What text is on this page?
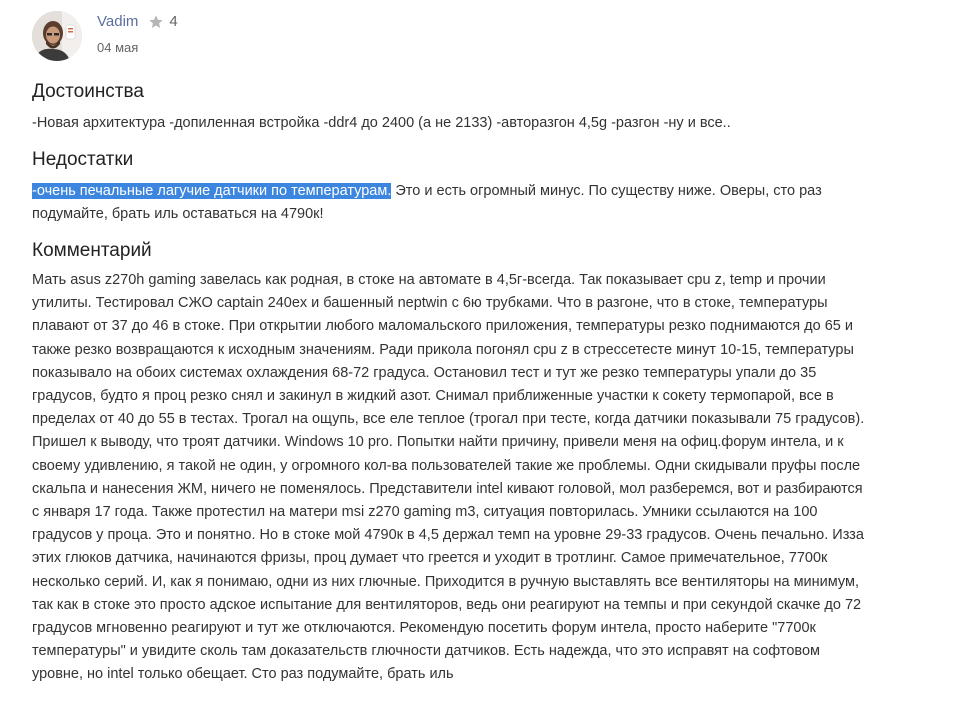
Vadim 4
04 мая
Достоинства

-Новая архитектура -допиленная встройка -ddr4 до 2400 (а не 2133) -авторазгон 4,5g -разгон -ну и все..

Недостатки

-очень печальные лагучие датчики по температурам. Это и есть огромный минус. По существу ниже. Оверы, сто раз подумайте, брать иль оставаться на 4790к!

Комментарий

Мать asus z270h gaming завелась как родная, в стоке на автомате в 4,5г-всегда. Так показывает cpu z, temp и прочии утилиты. Тестировал СЖО captain 240ex и башенный neptwin с 6ю трубками. Что в разгоне, что в стоке, температуры плавают от 37 до 46 в стоке. При открытии любого маломальского приложения, температуры резко поднимаются до 65 и также резко возвращаются к исходным значениям. Ради прикола погонял cpu z в стрессетесте минут 10-15, температуры показывало на обоих системах охлаждения 68-72 градуса. Остановил тест и тут же резко температуры упали до 35 градусов, будто я проц резко снял и закинул в жидкий азот. Снимал приближенные участки к сокету термопарой, все в пределах от 40 до 55 в тестах. Трогал на ощупь, все еле теплое (трогал при тесте, когда датчики показывали 75 градусов). Пришел к выводу, что троят датчики. Windows 10 pro. Попытки найти причину, привели меня на офиц.форум интела, и к своему удивлению, я такой не один, у огромного кол-ва пользователей такие же проблемы. Одни скидывали пруфы после скальпа и нанесения ЖМ, ничего не поменялось. Представители intel кивают головой, мол разберемся, вот и разбираются с января 17 года. Также протестил на матери msi z270 gaming m3, ситуация повторилась. Умники ссылаются на 100 градусов у проца. Это и понятно. Но в стоке мой 4790к в 4,5 держал темп на уровне 29-33 градусов. Очень печально. Изза этих глюков датчика, начинаются фризы, проц думает что греется и уходит в тротлинг. Самое примечательное, 7700к несколько серий. И, как я понимаю, одни из них глючные. Приходится в ручную выставлять все вентиляторы на минимум, так как в стоке это просто адское испытание для вентиляторов, ведь они реагируют на темпы и при секундой скачке до 72 градусов мгновенно реагируют и тут же отключаются. Рекомендую посетить форум интела, просто наберите "7700к температуры" и увидите сколь там доказательств глючности датчиков. Есть надежда, что это исправят на софтовом уровне, но intel только обещает. Сто раз подумайте, брать иль
